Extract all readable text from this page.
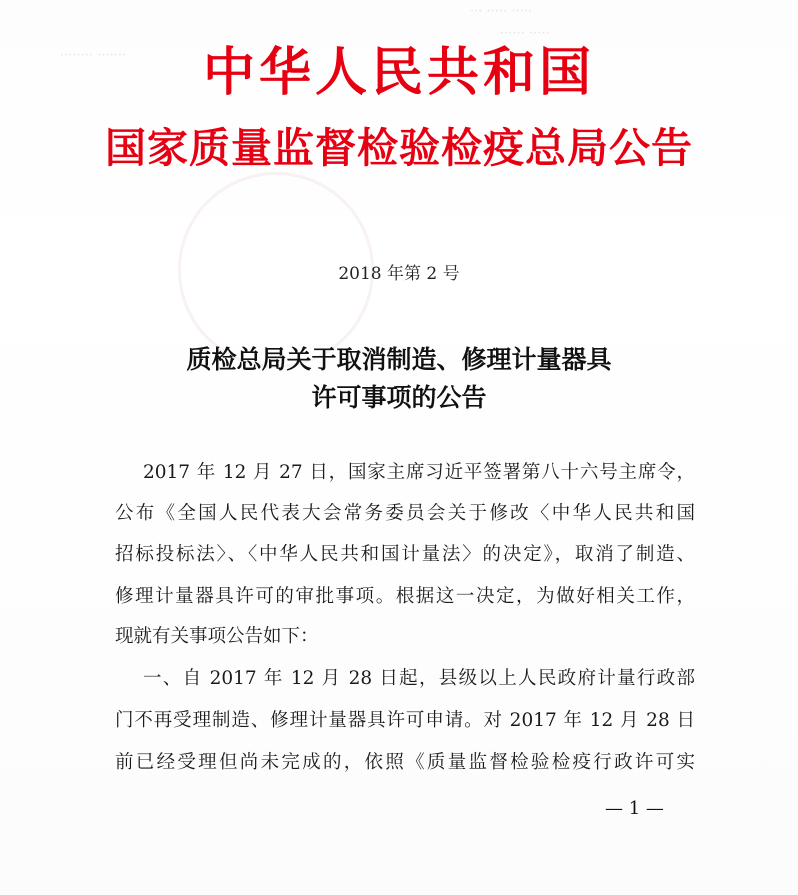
··· ····· ·····
······ ·····
········ ·······	中华人民共和国
国家质量监督检验检疫总局公告
2018 年第 2 号
质检总局关于取消制造、修理计量器具
许可事项的公告
2017 年 12 月 27 日，国家主席习近平签署第八十六号主席令，
公布《全国人民代表大会常务委员会关于修改〈中华人民共和国
招标投标法〉、〈中华人民共和国计量法〉的决定》，取消了制造、
修理计量器具许可的审批事项。根据这一决定，为做好相关工作，
现就有关事项公告如下：
一、自 2017 年 12 月 28 日起，县级以上人民政府计量行政部
门不再受理制造、修理计量器具许可申请。对 2017 年 12 月 28 日
前已经受理但尚未完成的，依照《质量监督检验检疫行政许可实
— 1 —
